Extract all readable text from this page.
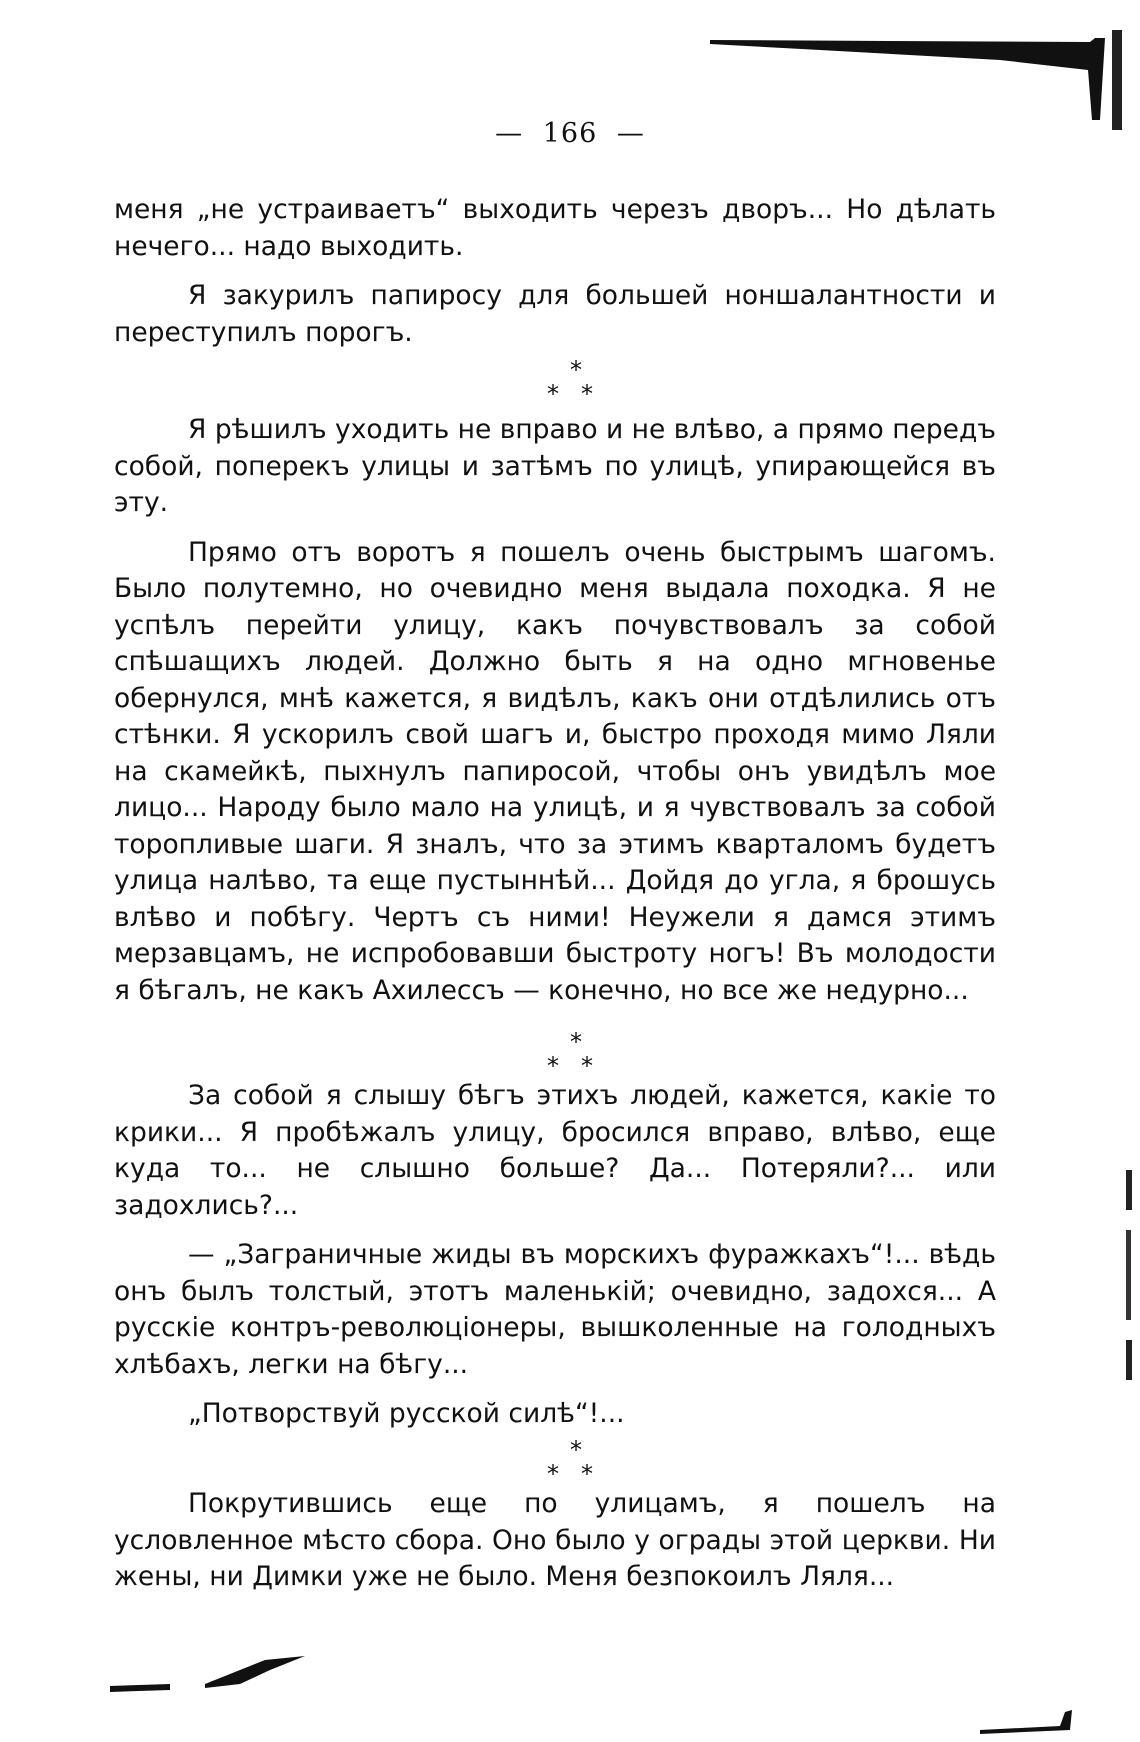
— 166 —

меня „не устраиваетъ“ выходить черезъ дворъ... Но дѣлать нечего... надо выходить.

Я закурилъ папиросу для большей ноншалантности и переступилъ порогъ.

*
**

Я рѣшилъ уходить не вправо и не влѣво, а прямо передъ собой, поперекъ улицы и затѣмъ по улицѣ, упирающейся въ эту.

Прямо отъ воротъ я пошелъ очень быстрымъ шагомъ. Было полутемно, но очевидно меня выдала походка. Я не успѣлъ перейти улицу, какъ почувствовалъ за собой спѣшащихъ людей. Должно быть я на одно мгновенье обернулся, мнѣ кажется, я видѣлъ, какъ они отдѣлились отъ стѣнки. Я ускорилъ свой шагъ и, быстро проходя мимо Ляли на скамейкѣ, пыхнулъ папиросой, чтобы онъ увидѣлъ мое лицо... Народу было мало на улицѣ, и я чувствовалъ за собой торопливые шаги. Я зналъ, что за этимъ кварталомъ будетъ улица налѣво, та еще пустыннѣй... Дойдя до угла, я брошусь влѣво и побѣгу. Чертъ съ ними! Неужели я дамся этимъ мерзавцамъ, не испробовавши быстроту ногъ! Въ молодости я бѣгалъ, не какъ Ахилессъ — конечно, но все же недурно...

*
**

За собой я слышу бѣгъ этихъ людей, кажется, какіе то крики... Я пробѣжалъ улицу, бросился вправо, влѣво, еще куда то... не слышно больше? Да... Потеряли?... или задохлись?...

— „Заграничные жиды въ морскихъ фуражкахъ“!... вѣдь онъ былъ толстый, этотъ маленькій; очевидно, задохся... А русскіе контръ-революціонеры, вышколенные на голодныхъ хлѣбахъ, легки на бѣгу...

„Потворствуй русской силѣ“!...

*
**

Покрутившись еще по улицамъ, я пошелъ на условленное мѣсто сбора. Оно было у ограды этой церкви. Ни жены, ни Димки уже не было. Меня безпокоилъ Ляля...
